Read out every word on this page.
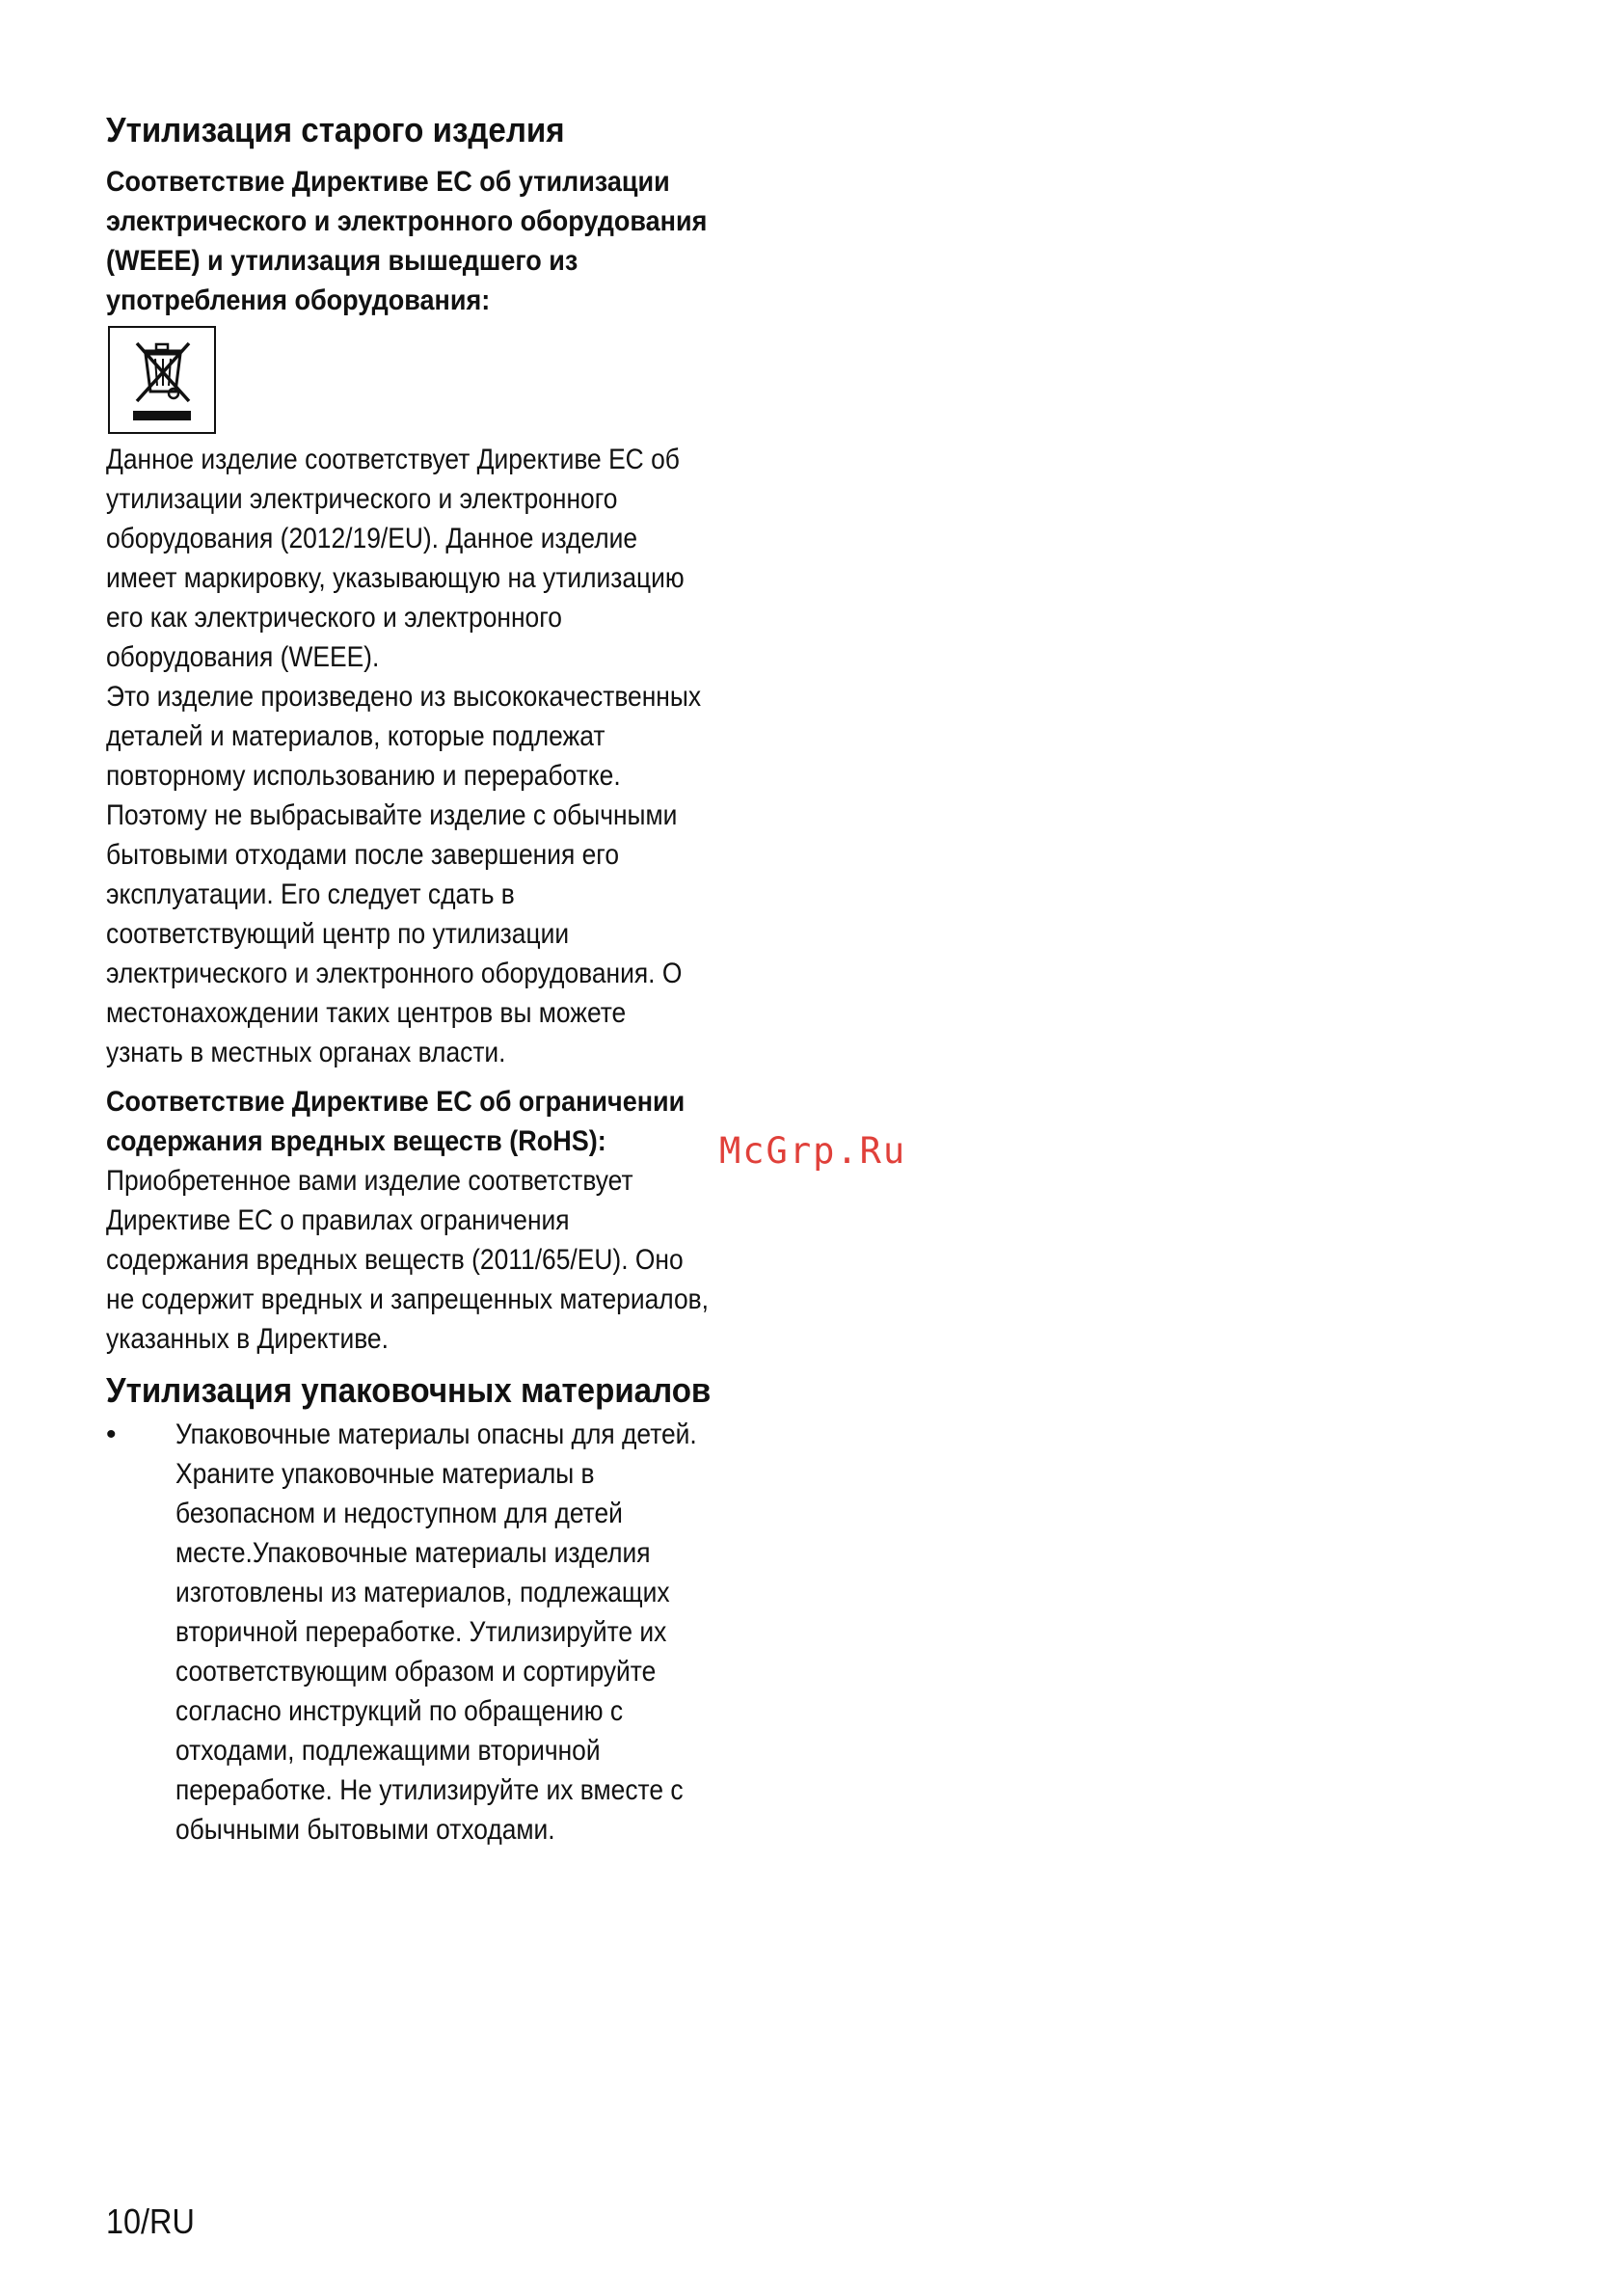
Утилизация старого изделия
Соответствие Директиве ЕС об утилизации
электрического и электронного оборудования
(WEEE) и утилизация вышедшего из
употребления оборудования:
Данное изделие соответствует Директиве ЕС об
утилизации электрического и электронного
оборудования (2012/19/EU). Данное изделие
имеет маркировку, указывающую на утилизацию
его как электрического и электронного
оборудования (WEEE).
Это изделие произведено из высококачественных
деталей и материалов, которые подлежат
повторному использованию и переработке.
Поэтому не выбрасывайте изделие с обычными
бытовыми отходами после завершения его
эксплуатации. Его следует сдать в
соответствующий центр по утилизации
электрического и электронного оборудования. О
местонахождении таких центров вы можете
узнать в местных органах власти.
Соответствие Директиве ЕС об ограничении
содержания вредных веществ (RoHS):
Приобретенное вами изделие соответствует
Директиве ЕС о правилах ограничения
содержания вредных веществ (2011/65/EU). Оно
не содержит вредных и запрещенных материалов,
указанных в Директиве.
Утилизация упаковочных материалов
•	Упаковочные материалы опасны для детей.
Храните упаковочные материалы в
безопасном и недоступном для детей
месте.Упаковочные материалы изделия
изготовлены из материалов, подлежащих
вторичной переработке. Утилизируйте их
соответствующим образом и сортируйте
согласно инструкций по обращению с
отходами, подлежащими вторичной
переработке. Не утилизируйте их вместе с
обычными бытовыми отходами.
McGrp.Ru
10/RU
